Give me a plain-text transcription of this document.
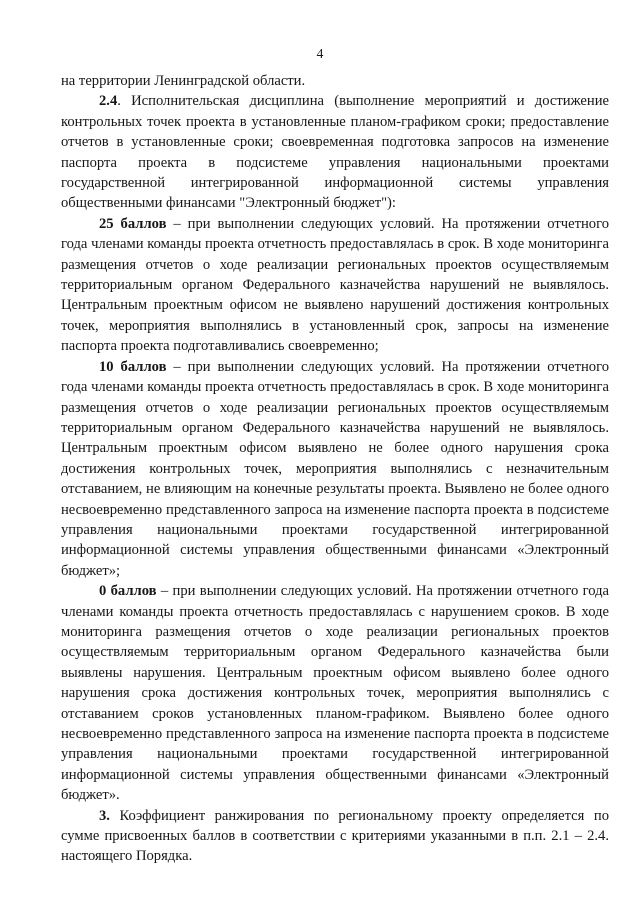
4

на территории Ленинградской области.

2.4. Исполнительская дисциплина (выполнение мероприятий и достижение контрольных точек проекта в установленные планом-графиком сроки; предоставление отчетов в установленные сроки; своевременная подготовка запросов на изменение паспорта проекта в подсистеме управления национальными проектами государственной интегрированной информационной системы управления общественными финансами "Электронный бюджет"):

25 баллов – при выполнении следующих условий. На протяжении отчетного года членами команды проекта отчетность предоставлялась в срок. В ходе мониторинга размещения отчетов о ходе реализации региональных проектов осуществляемым территориальным органом Федерального казначейства нарушений не выявлялось. Центральным проектным офисом не выявлено нарушений достижения контрольных точек, мероприятия выполнялись в установленный срок, запросы на изменение паспорта проекта подготавливались своевременно;

10 баллов – при выполнении следующих условий. На протяжении отчетного года членами команды проекта отчетность предоставлялась в срок. В ходе мониторинга размещения отчетов о ходе реализации региональных проектов осуществляемым территориальным органом Федерального казначейства нарушений не выявлялось. Центральным проектным офисом выявлено не более одного нарушения срока достижения контрольных точек, мероприятия выполнялись с незначительным отставанием, не влияющим на конечные результаты проекта. Выявлено не более одного несвоевременно представленного запроса на изменение паспорта проекта в подсистеме управления национальными проектами государственной интегрированной информационной системы управления общественными финансами «Электронный бюджет»;

0 баллов – при выполнении следующих условий. На протяжении отчетного года членами команды проекта отчетность предоставлялась с нарушением сроков. В ходе мониторинга размещения отчетов о ходе реализации региональных проектов осуществляемым территориальным органом Федерального казначейства были выявлены нарушения. Центральным проектным офисом выявлено более одного нарушения срока достижения контрольных точек, мероприятия выполнялись с отставанием сроков установленных планом-графиком. Выявлено более одного несвоевременно представленного запроса на изменение паспорта проекта в подсистеме управления национальными проектами государственной интегрированной информационной системы управления общественными финансами «Электронный бюджет».

3. Коэффициент ранжирования по региональному проекту определяется по сумме присвоенных баллов в соответствии с критериями указанными в п.п. 2.1 – 2.4. настоящего Порядка.
